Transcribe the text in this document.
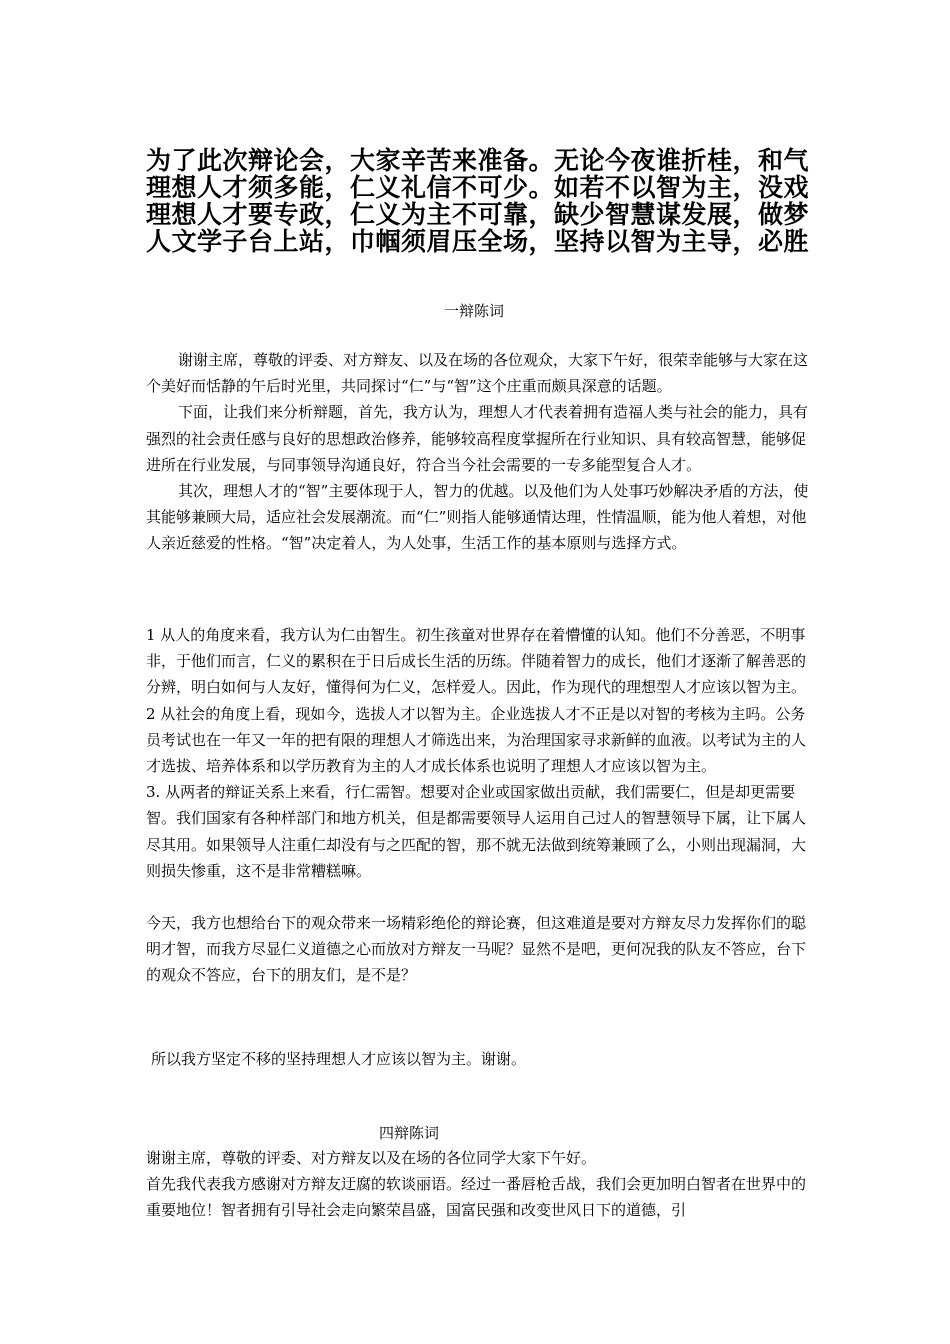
为了此次辩论会，大家辛苦来准备。无论今夜谁折桂，和气
理想人才须多能，仁义礼信不可少。如若不以智为主，没戏
理想人才要专政，仁义为主不可靠，缺少智慧谋发展，做梦
人文学子台上站，巾帼须眉压全场，坚持以智为主导，必胜
一辩陈词

谢谢主席，尊敬的评委、对方辩友、以及在场的各位观众，大家下午好，很荣幸能够与大家在这个美好而恬静的午后时光里，共同探讨“仁”与“智”这个庄重而颇具深意的话题。

下面，让我们来分析辩题，首先，我方认为，理想人才代表着拥有造福人类与社会的能力，具有强烈的社会责任感与良好的思想政治修养，能够较高程度掌握所在行业知识、具有较高智慧，能够促进所在行业发展，与同事领导沟通良好，符合当今社会需要的一专多能型复合人才。

其次，理想人才的“智”主要体现于人，智力的优越。以及他们为人处事巧妙解决矛盾的方法，使其能够兼顾大局，适应社会发展潮流。而“仁”则指人能够通情达理，性情温顺，能为他人着想，对他人亲近慈爱的性格。“智”决定着人，为人处事，生活工作的基本原则与选择方式。

1 从人的角度来看，我方认为仁由智生。初生孩童对世界存在着懵懂的认知。他们不分善恶，不明事非，于他们而言，仁义的累积在于日后成长生活的历练。伴随着智力的成长，他们才逐渐了解善恶的分辨，明白如何与人友好，懂得何为仁义，怎样爱人。因此，作为现代的理想型人才应该以智为主。

2 从社会的角度上看，现如今，选拔人才以智为主。企业选拔人才不正是以对智的考核为主吗。公务员考试也在一年又一年的把有限的理想人才筛选出来，为治理国家寻求新鲜的血液。以考试为主的人才选拔、培养体系和以学历教育为主的人才成长体系也说明了理想人才应该以智为主。

3. 从两者的辩证关系上来看，行仁需智。想要对企业或国家做出贡献，我们需要仁，但是却更需要智。我们国家有各种样部门和地方机关，但是都需要领导人运用自己过人的智慧领导下属，让下属人尽其用。如果领导人注重仁却没有与之匹配的智，那不就无法做到统筹兼顾了么，小则出现漏洞，大则损失惨重，这不是非常糟糕嘛。

今天，我方也想给台下的观众带来一场精彩绝伦的辩论赛，但这难道是要对方辩友尽力发挥你们的聪明才智，而我方尽显仁义道德之心而放对方辩友一马呢？显然不是吧，更何况我的队友不答应，台下的观众不答应，台下的朋友们，是不是？

所以我方坚定不移的坚持理想人才应该以智为主。谢谢。

四辩陈词

谢谢主席，尊敬的评委、对方辩友以及在场的各位同学大家下午好。

首先我代表我方感谢对方辩友迂腐的软谈丽语。经过一番唇枪舌战，我们会更加明白智者在世界中的重要地位！智者拥有引导社会走向繁荣昌盛，国富民强和改变世风日下的道德，引
